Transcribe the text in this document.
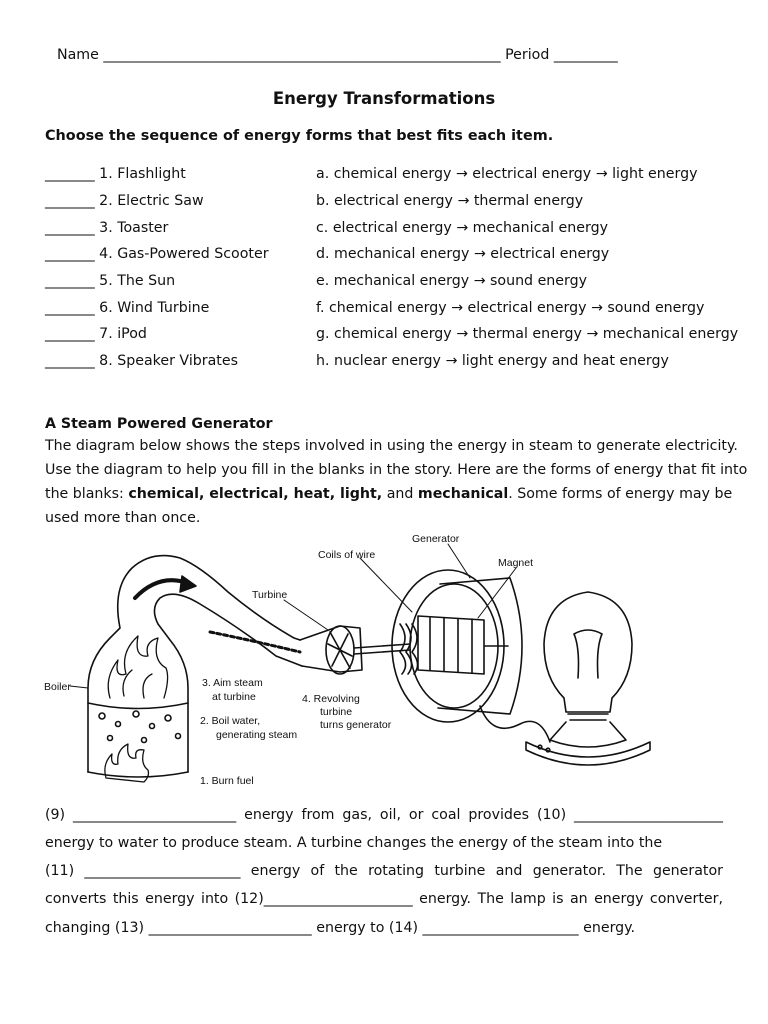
Name ________________________________________________________ Period _________
Energy Transformations
Choose the sequence of energy forms that best fits each item.
_______ 1. Flashlight
_______ 2. Electric Saw
_______ 3. Toaster
_______ 4. Gas-Powered Scooter
_______ 5. The Sun
_______ 6. Wind Turbine
_______ 7. iPod
_______ 8. Speaker Vibrates
a. chemical energy → electrical energy → light energy
b. electrical energy → thermal energy
c. electrical energy → mechanical energy
d. mechanical energy → electrical energy
e. mechanical energy → sound energy
f. chemical energy → electrical energy → sound energy
g. chemical energy → thermal energy → mechanical energy
h. nuclear energy → light energy and heat energy
A Steam Powered Generator
The diagram below shows the steps involved in using the energy in steam to generate electricity.
Use the diagram to help you fill in the blanks in the story. Here are the forms of energy that fit into
the blanks: chemical, electrical, heat, light, and mechanical. Some forms of energy may be
used more than once.
Generator
Coils of wire
Magnet
Turbine
Boiler	3. Aim steam
at turbine	4. Revolving
turbine
turns generator
2. Boil water,
generating steam
1. Burn fuel
(9) _______________________ energy from gas, oil, or coal provides (10) _____________________
energy to water to produce steam. A turbine changes the energy of the steam into the
(11) ______________________ energy of the rotating turbine and generator. The generator
converts this energy into (12)_____________________ energy. The lamp is an energy converter,
changing (13) _______________________ energy to (14) ______________________ energy.
